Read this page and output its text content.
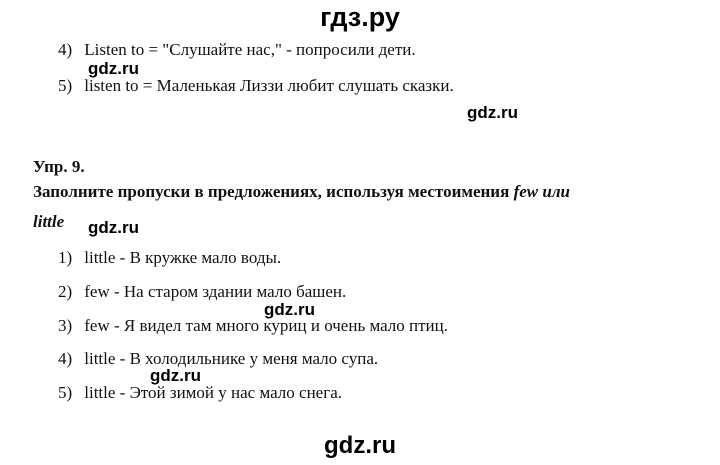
гдз.ру
4) Listen to = "Слушайте нас," - попросили дети.
gdz.ru
5) listen to = Маленькая Лиззи любит слушать сказки.
gdz.ru
Упр. 9.
Заполните пропуски в предложениях, используя местоимения few или
little gdz.ru
1) little - В кружке мало воды.
2) few - На старом здании мало башен.
gdz.ru
3) few - Я видел там много куриц и очень мало птиц.
4) little - В холодильнике у меня мало супа.
gdz.ru
5) little - Этой зимой у нас мало снега.
gdz.ru
